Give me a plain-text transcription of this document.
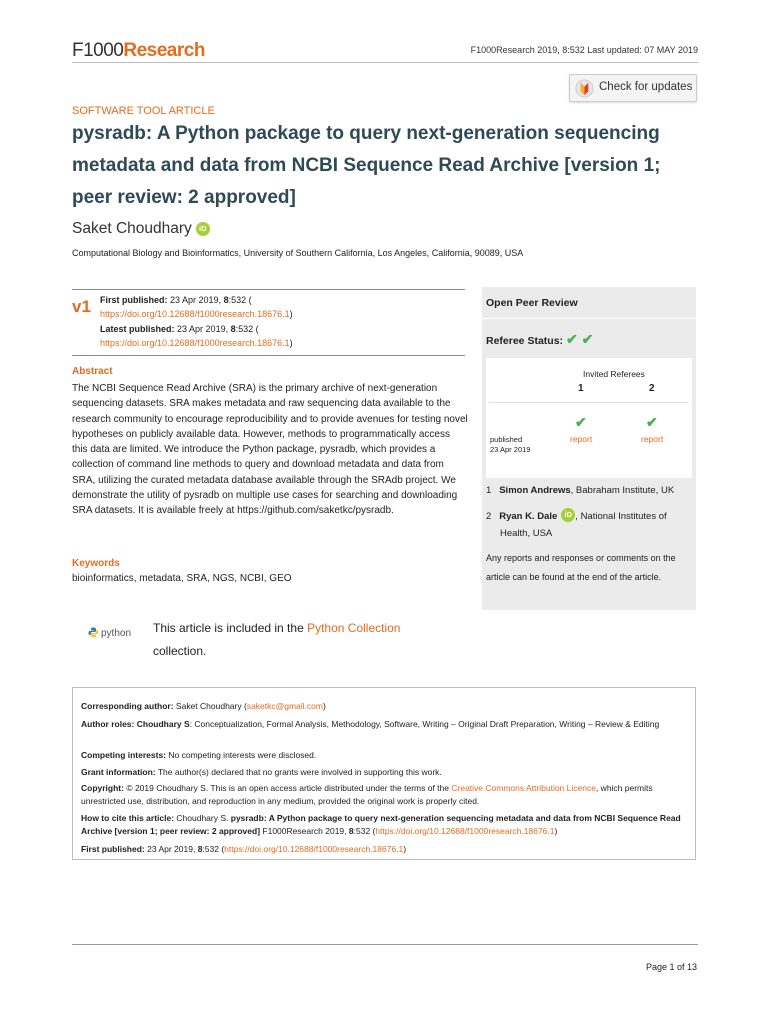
F1000Research	F1000Research 2019, 8:532 Last updated: 07 MAY 2019
Check for updates
SOFTWARE TOOL ARTICLE
pysradb: A Python package to query next-generation sequencing metadata and data from NCBI Sequence Read Archive [version 1; peer review: 2 approved]
Saket Choudhary iD
Computational Biology and Bioinformatics, University of Southern California, Los Angeles, California, 90089, USA
v1 First published: 23 Apr 2019, 8:532 (
https://doi.org/10.12688/f1000research.18676.1)
Latest published: 23 Apr 2019, 8:532 (
https://doi.org/10.12688/f1000research.18676.1)
Abstract
The NCBI Sequence Read Archive (SRA) is the primary archive of next-generation sequencing datasets. SRA makes metadata and raw sequencing data available to the research community to encourage reproducibility and to provide avenues for testing novel hypotheses on publicly available data. However, methods to programmatically access this data are limited. We introduce the Python package, pysradb, which provides a collection of command line methods to query and download metadata and data from SRA, utilizing the curated metadata database available through the SRAdb project. We demonstrate the utility of pysradb on multiple use cases for searching and downloading SRA datasets. It is available freely at https://github.com/saketkc/pysradb.
Keywords
bioinformatics, metadata, SRA, NGS, NCBI, GEO
python This article is included in the Python Collection
collection.
Open Peer Review
Referee Status: ✔ ✔
Invited Referees
1	2
published
23 Apr 2019
✔	✔
report	report
1 Simon Andrews, Babraham Institute, UK
2 Ryan K. Dale iD , National Institutes of
Health, USA
Any reports and responses or comments on the article can be found at the end of the article.
Corresponding author: Saket Choudhary (saketkc@gmail.com)
Author roles: Choudhary S: Conceptualization, Formal Analysis, Methodology, Software, Writing – Original Draft Preparation, Writing – Review & Editing
Competing interests: No competing interests were disclosed.
Grant information: The author(s) declared that no grants were involved in supporting this work.
Copyright: © 2019 Choudhary S. This is an open access article distributed under the terms of the Creative Commons Attribution Licence, which permits unrestricted use, distribution, and reproduction in any medium, provided the original work is properly cited.
How to cite this article: Choudhary S. pysradb: A Python package to query next-generation sequencing metadata and data from NCBI Sequence Read Archive [version 1; peer review: 2 approved] F1000Research 2019, 8:532 (https://doi.org/10.12688/f1000research.18676.1)
First published: 23 Apr 2019, 8:532 (https://doi.org/10.12688/f1000research.18676.1)
Page 1 of 13
